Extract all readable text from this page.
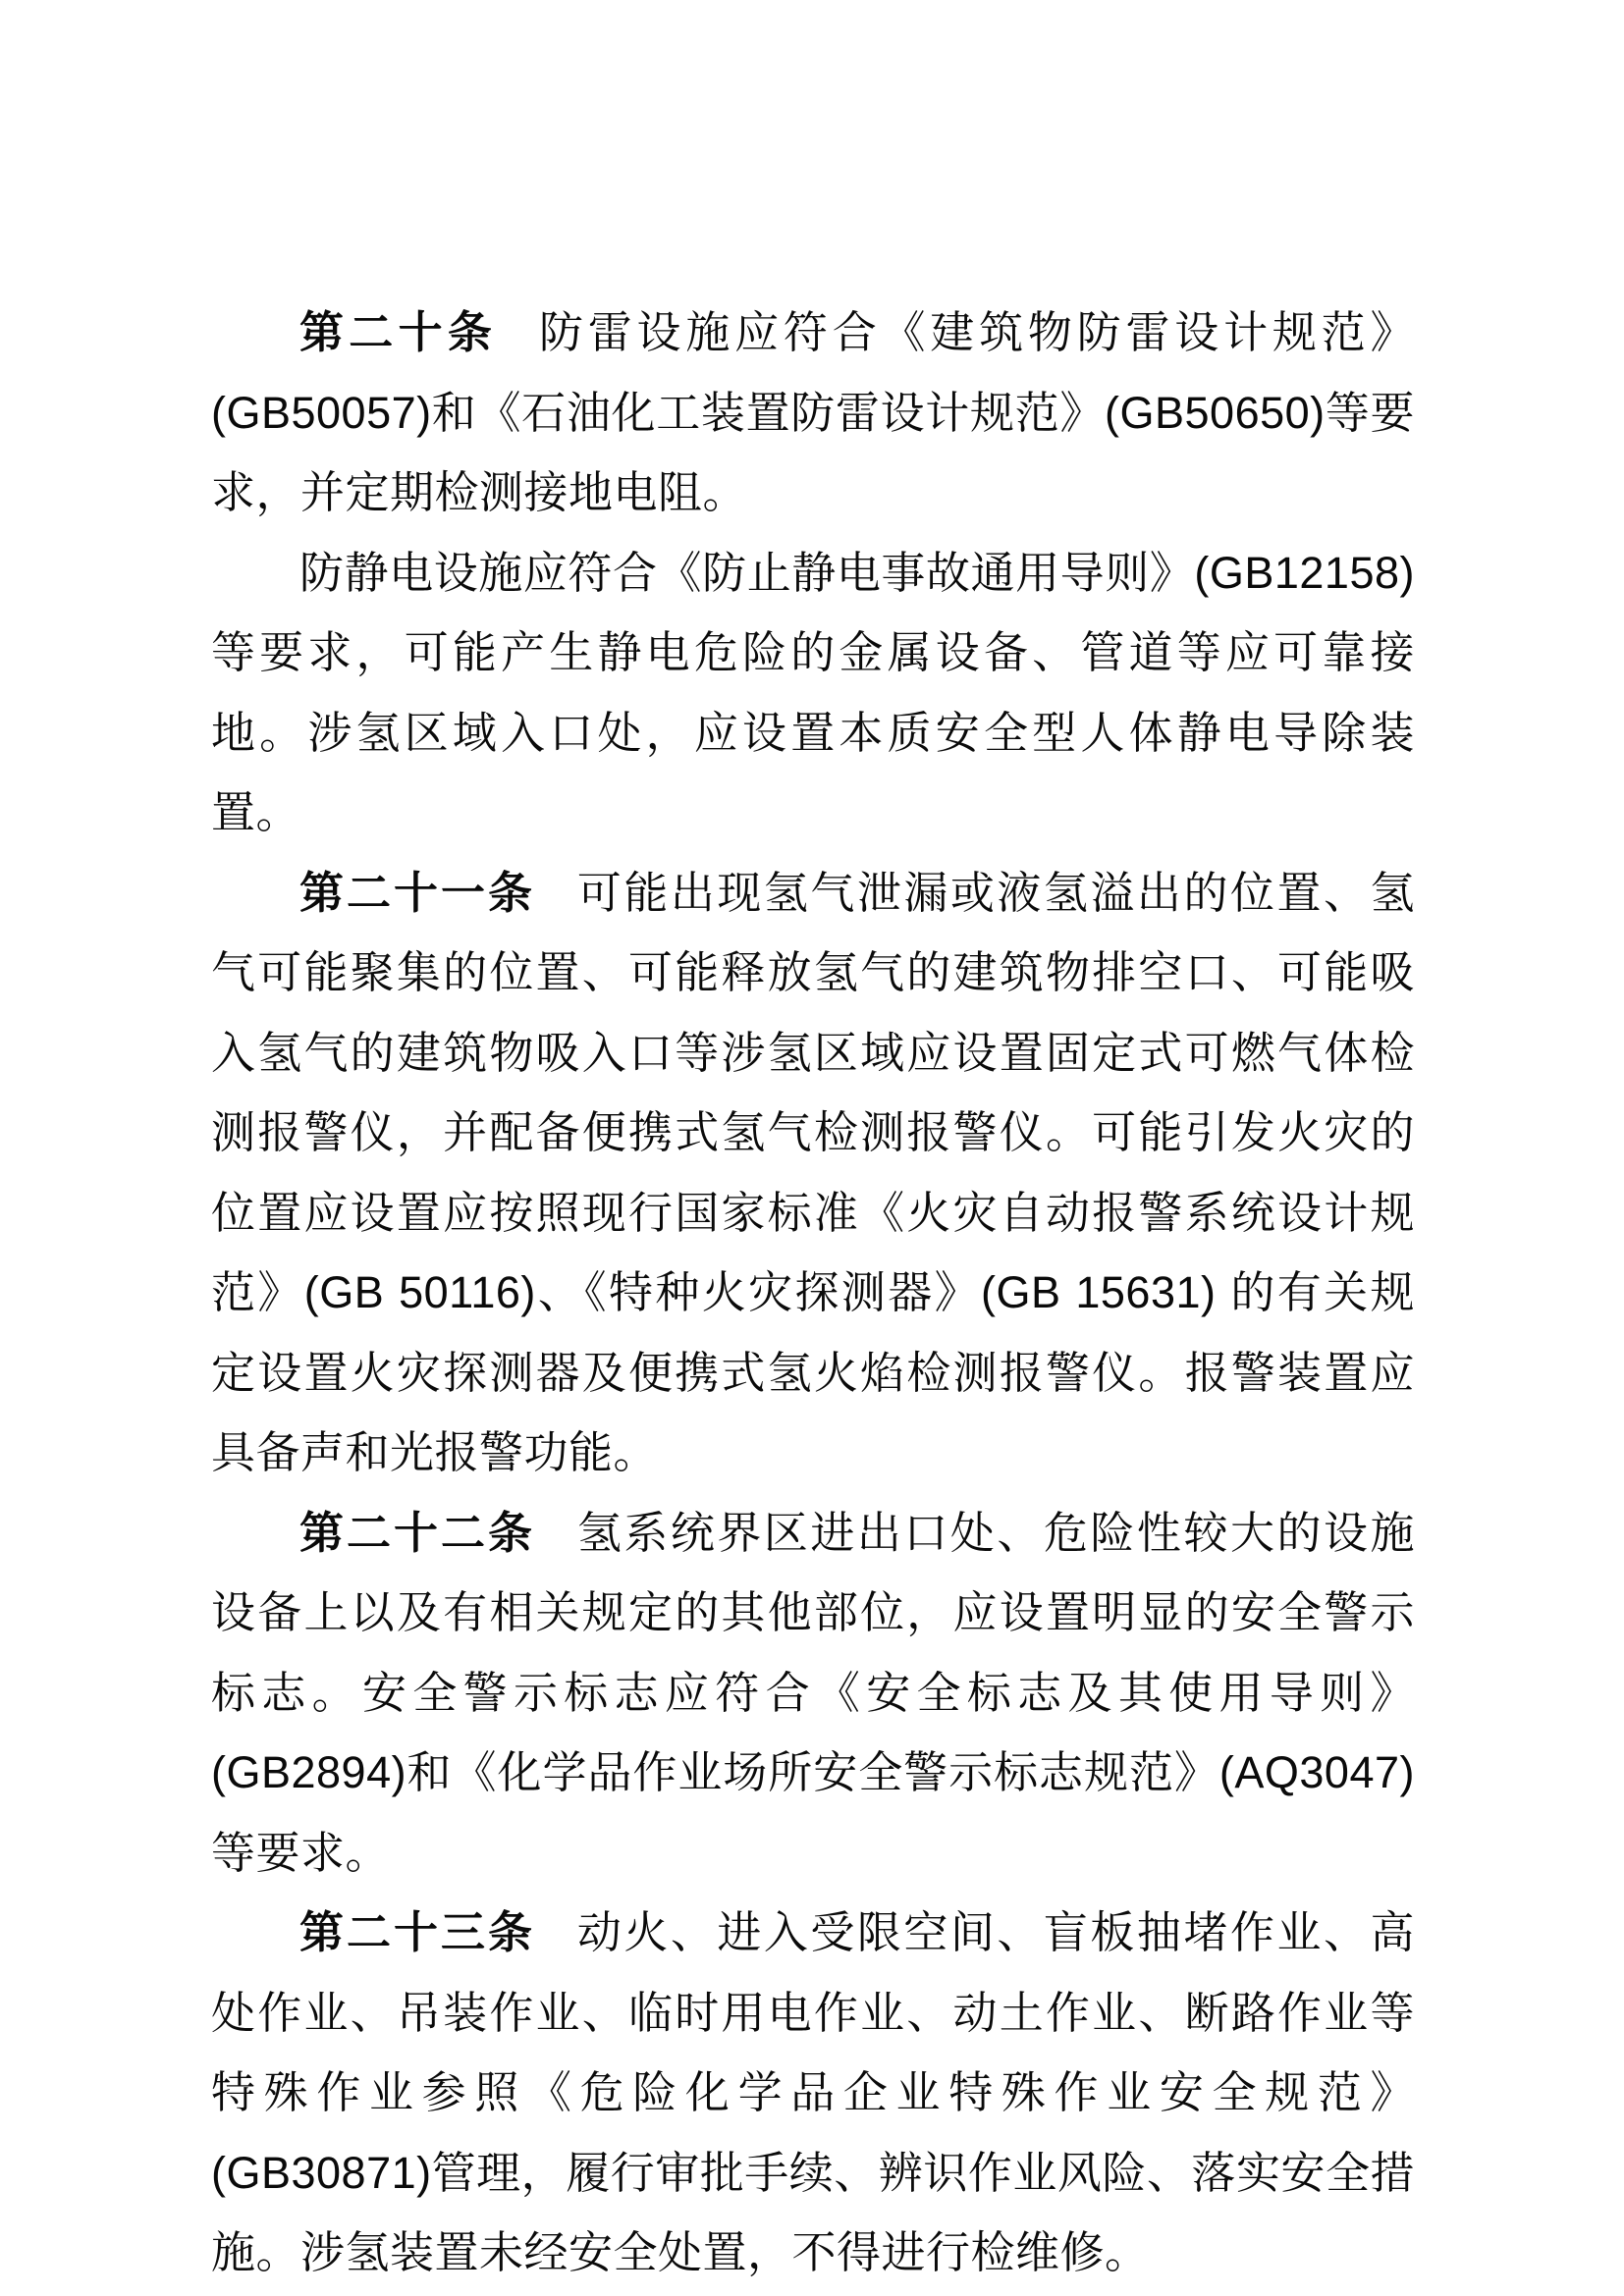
第二十条 防雷设施应符合《建筑物防雷设计规范》(GB50057)和《石油化工装置防雷设计规范》(GB50650)等要求，并定期检测接地电阻。

防静电设施应符合《防止静电事故通用导则》(GB12158)等要求，可能产生静电危险的金属设备、管道等应可靠接地。涉氢区域入口处，应设置本质安全型人体静电导除装置。

第二十一条 可能出现氢气泄漏或液氢溢出的位置、氢气可能聚集的位置、可能释放氢气的建筑物排空口、可能吸入氢气的建筑物吸入口等涉氢区域应设置固定式可燃气体检测报警仪，并配备便携式氢气检测报警仪。可能引发火灾的位置应设置应按照现行国家标准《火灾自动报警系统设计规范》(GB 50116)、《特种火灾探测器》(GB 15631) 的有关规定设置火灾探测器及便携式氢火焰检测报警仪。报警装置应具备声和光报警功能。

第二十二条 氢系统界区进出口处、危险性较大的设施设备上以及有相关规定的其他部位，应设置明显的安全警示标志。安全警示标志应符合《安全标志及其使用导则》(GB2894)和《化学品作业场所安全警示标志规范》(AQ3047)等要求。

第二十三条 动火、进入受限空间、盲板抽堵作业、高处作业、吊装作业、临时用电作业、动土作业、断路作业等特殊作业参照《危险化学品企业特殊作业安全规范》(GB30871)管理，履行审批手续、辨识作业风险、落实安全措施。涉氢装置未经安全处置，不得进行检维修。
